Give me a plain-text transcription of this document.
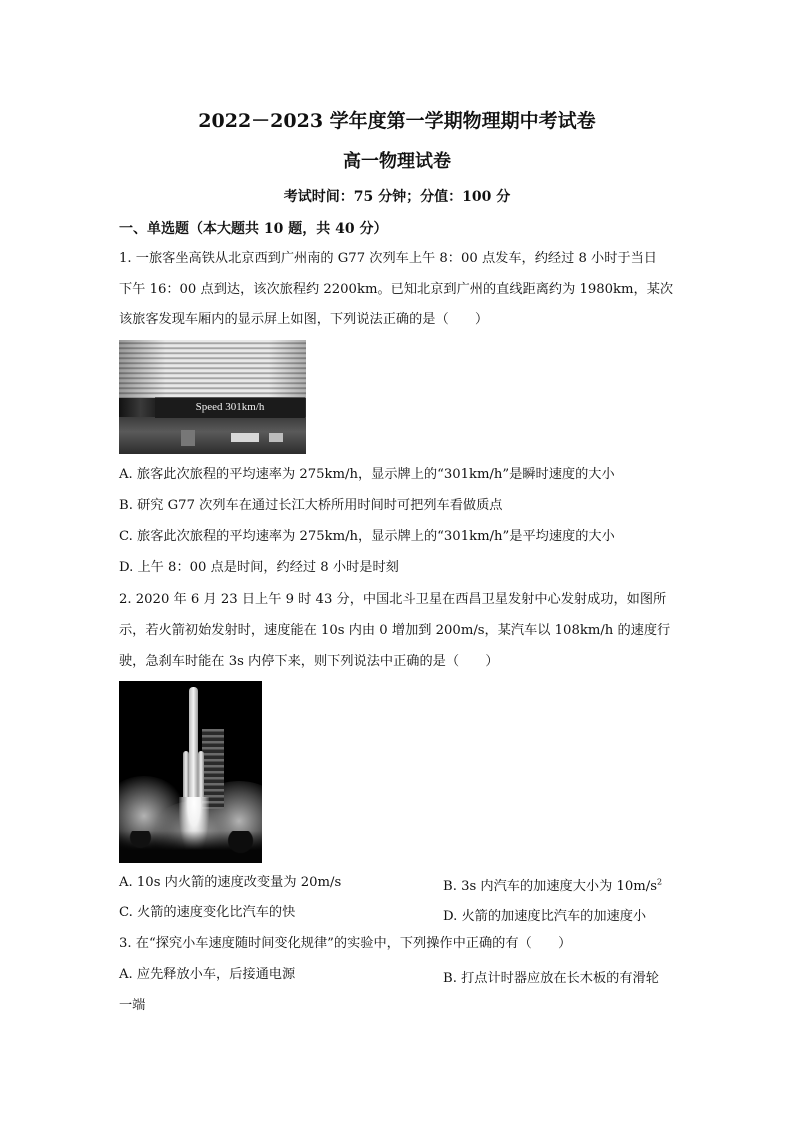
2022－2023 学年度第一学期物理期中考试卷
高一物理试卷
考试时间：75 分钟；分值：100 分
一、单选题（本大题共 10 题，共 40 分）
1. 一旅客坐高铁从北京西到广州南的 G77 次列车上午 8：00 点发车，约经过 8 小时于当日
下午 16：00 点到达，该次旅程约 2200km。已知北京到广州的直线距离约为 1980km，某次
该旅客发现车厢内的显示屏上如图，下列说法正确的是（　　）
Speed 301km/h
A. 旅客此次旅程的平均速率为 275km/h，显示牌上的“301km/h”是瞬时速度的大小
B. 研究 G77 次列车在通过长江大桥所用时间时可把列车看做质点
C. 旅客此次旅程的平均速率为 275km/h，显示牌上的“301km/h”是平均速度的大小
D. 上午 8：00 点是时间，约经过 8 小时是时刻
2. 2020 年 6 月 23 日上午 9 时 43 分，中国北斗卫星在西昌卫星发射中心发射成功，如图所
示，若火箭初始发射时，速度能在 10s 内由 0 增加到 200m/s，某汽车以 108km/h 的速度行
驶，急刹车时能在 3s 内停下来，则下列说法中正确的是（　　）
A. 10s 内火箭的速度改变量为 20m/s	B. 3s 内汽车的加速度大小为 $10m/s^2$
C. 火箭的速度变化比汽车的快	D. 火箭的加速度比汽车的加速度小
3. 在“探究小车速度随时间变化规律”的实验中，下列操作中正确的有（　　）
A. 应先释放小车，后接通电源	B. 打点计时器应放在长木板的有滑轮
一端
